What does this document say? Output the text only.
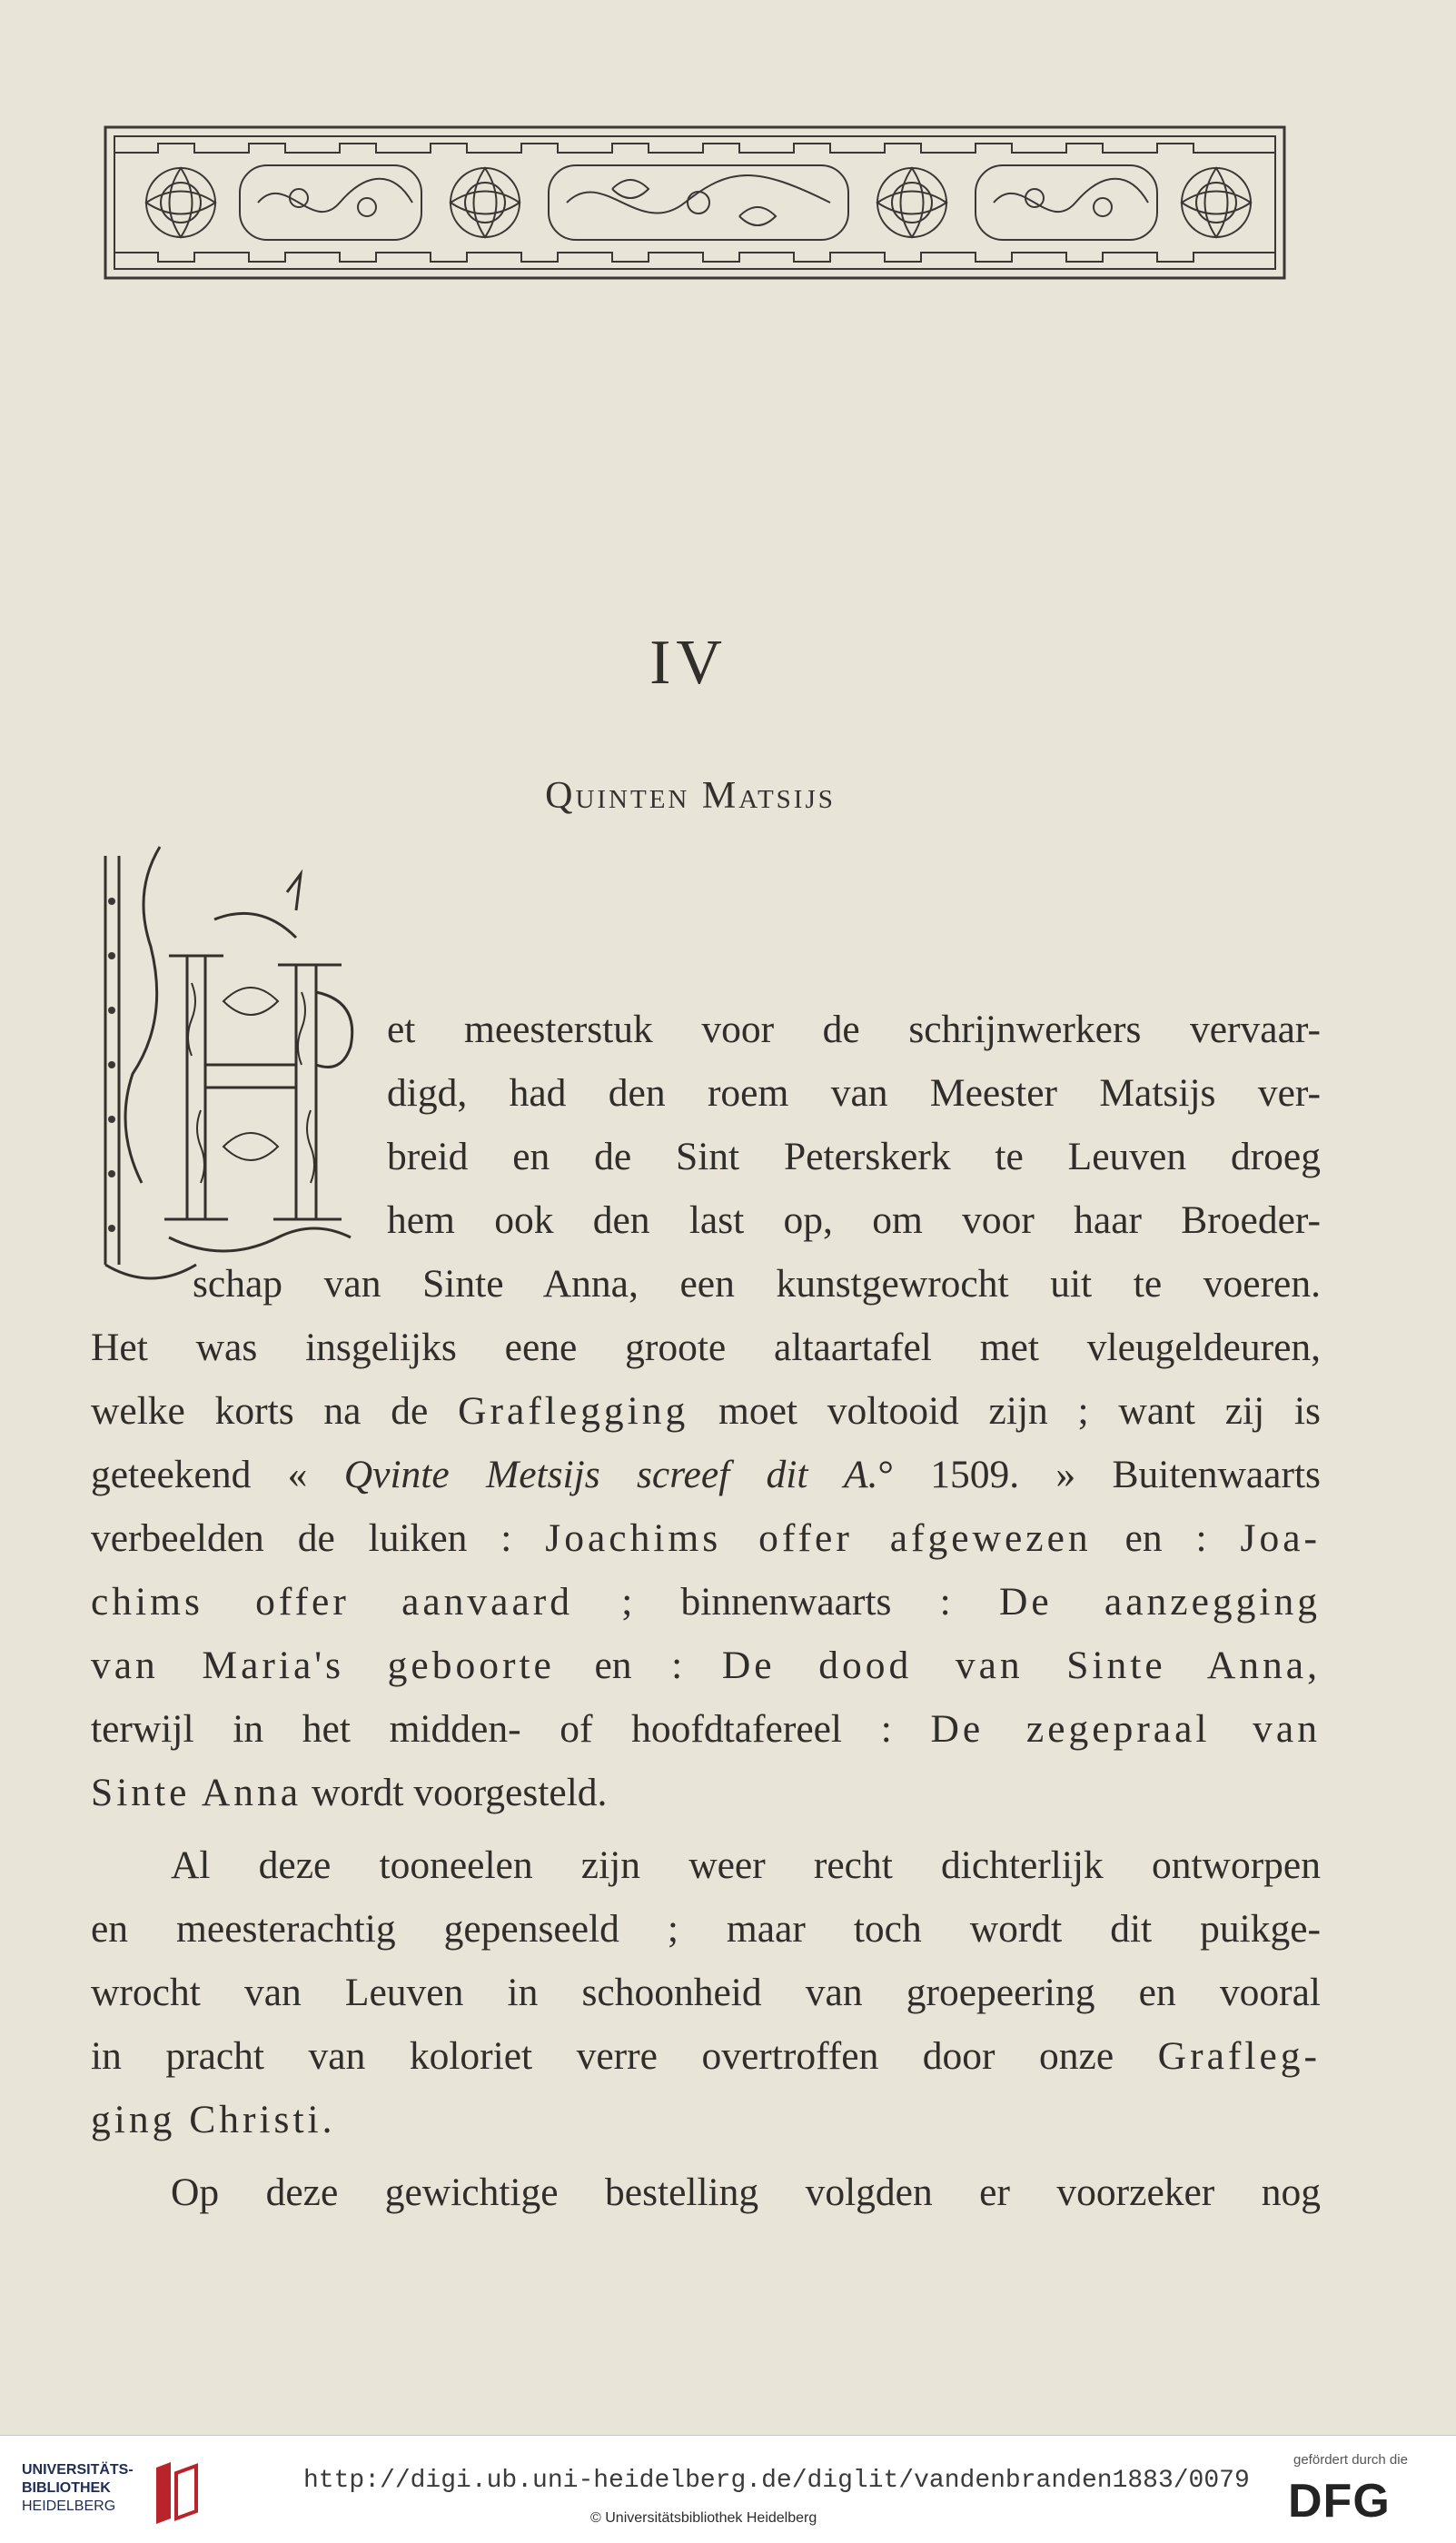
IV
Quinten Matsijs
et meesterstuk voor de schrijnwerkers vervaar-
digd, had den roem van Meester Matsijs ver-
breid en de Sint Peterskerk te Leuven droeg
hem ook den last op, om voor haar Broeder-
schap van Sinte Anna, een kunstgewrocht uit te voeren.
Het was insgelijks eene groote altaartafel met vleugeldeuren,
welke korts na de Graflegging moet voltooid zijn ; want zij is
geteekend « Qvinte Metsijs screef dit A.° 1509. » Buitenwaarts
verbeelden de luiken : Joachims offer afgewezen en : Joa-
chims offer aanvaard ; binnenwaarts : De aanzegging
van Maria's geboorte en : De dood van Sinte Anna,
terwijl in het midden- of hoofdtafereel : De zegepraal van
Sinte Anna wordt voorgesteld.
Al deze tooneelen zijn weer recht dichterlijk ontworpen
en meesterachtig gepenseeld ; maar toch wordt dit puikge-
wrocht van Leuven in schoonheid van groepeering en vooral
in pracht van koloriet verre overtroffen door onze Grafleg-
ging Christi.
Op deze gewichtige bestelling volgden er voorzeker nog
UNIVERSITÄTS-
BIBLIOTHEK
HEIDELBERG
http://digi.ub.uni-heidelberg.de/diglit/vandenbranden1883/0079
© Universitätsbibliothek Heidelberg
gefördert durch die
DFG
